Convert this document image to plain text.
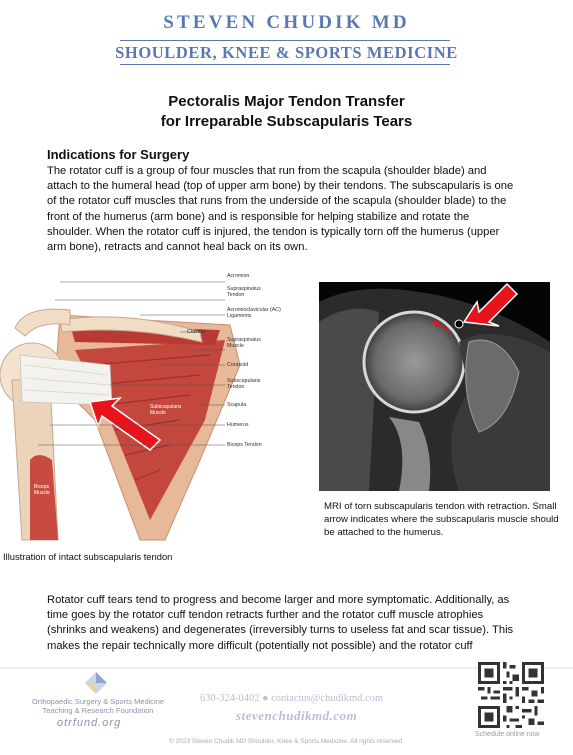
STEVEN CHUDIK MD
SHOULDER, KNEE & SPORTS MEDICINE
Pectoralis Major Tendon Transfer
for Irreparable Subscapularis Tears
Indications for Surgery
The rotator cuff is a group of four muscles that run from the scapula (shoulder blade) and
attach to the humeral head (top of upper arm bone) by their tendons. The subscapularis is one
of the rotator cuff muscles that runs from the underside of the scapula (shoulder blade) to the
front of the humerus (arm bone) and is responsible for helping stabilize and rotate the
shoulder. When the rotator cuff is injured, the tendon is typically torn off the humerus (upper
arm bone), retracts and cannot heal back on its own.
Biceps
Muscle
Subscapularis
Muscle
Acromion
Supraspinatus Tendon
Acromioclavicular (AC) Ligaments
Clavicle
Supraspinatus Muscle
Coracoid
Subscapularis Tendon
Scapula
Humerus
Biceps Tendon
MRI of torn subscapularis tendon with retraction. Small arrow indicates where the subscapularis muscle should be attached to the humerus.
Illustration of intact subscapularis tendon
Rotator cuff tears tend to progress and become larger and more symptomatic. Additionally, as
time goes by the rotator cuff tendon retracts further and the rotator cuff muscle atrophies
(shrinks and weakens) and degenerates (irreversibly turns to useless fat and scar tissue). This
makes the repair technically more difficult (potentially not possible) and the rotator cuff
Orthopaedic Surgery & Sports Medicine
Teaching & Research Foundation
otrfund.org
630-324-0402 ● contactus@chudikmd.com
stevenchudikmd.com
Schedule online now
© 2023 Steven Chudik MD Shoulder, Knee & Sports Medicine. All rights reserved.
